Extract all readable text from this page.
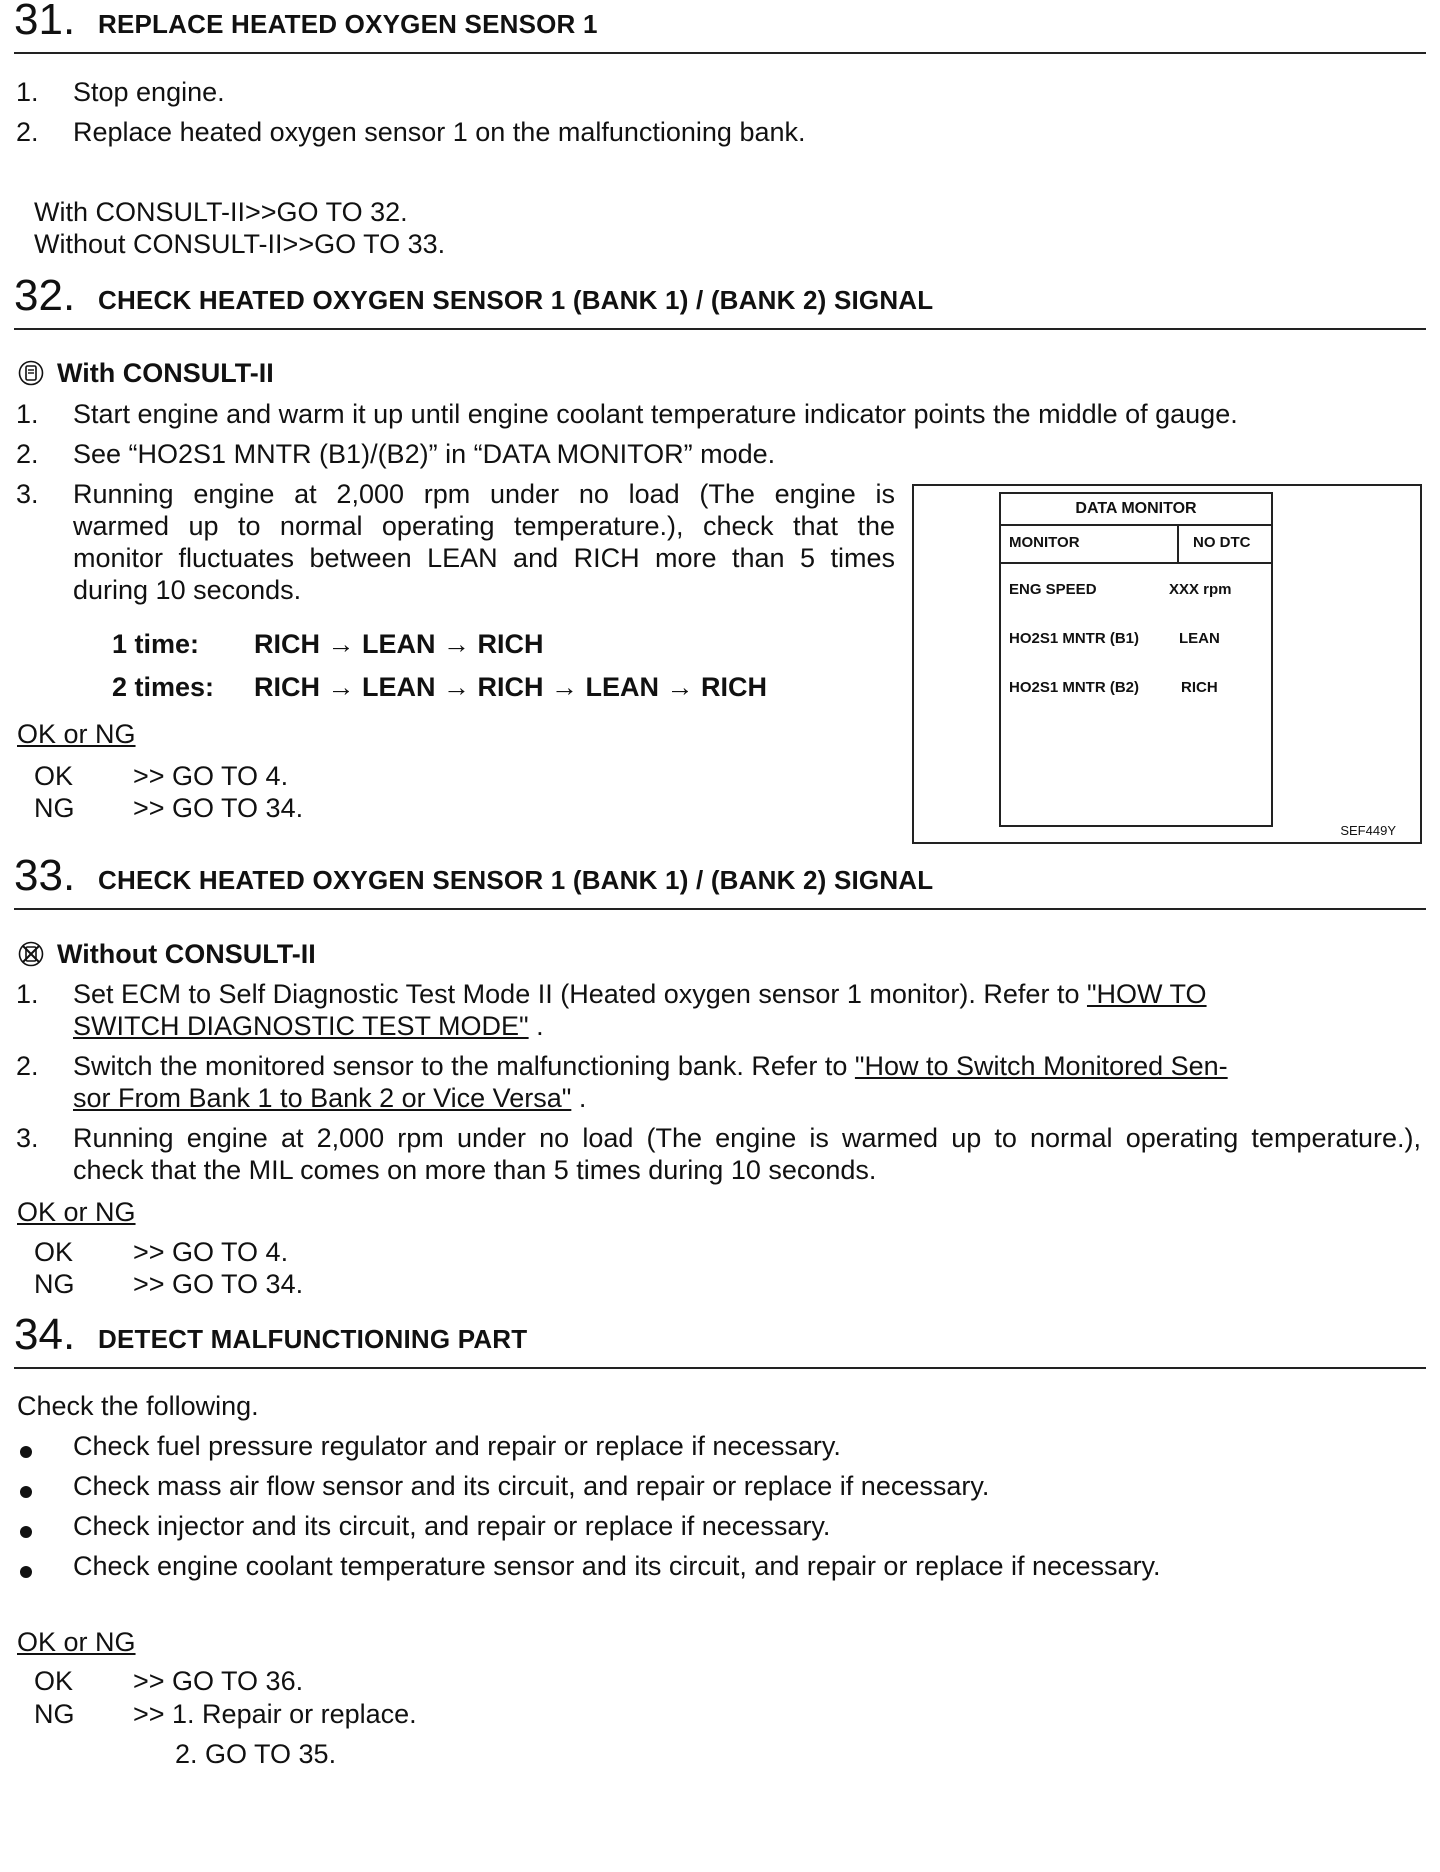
31. REPLACE HEATED OXYGEN SENSOR 1
1. Stop engine.
2. Replace heated oxygen sensor 1 on the malfunctioning bank.
With CONSULT-II>>GO TO 32.
Without CONSULT-II>>GO TO 33.
32. CHECK HEATED OXYGEN SENSOR 1 (BANK 1) / (BANK 2) SIGNAL
With CONSULT-II
1. Start engine and warm it up until engine coolant temperature indicator points the middle of gauge.
2. See “HO2S1 MNTR (B1)/(B2)” in “DATA MONITOR” mode.
3. Running engine at 2,000 rpm under no load (The engine is
warmed up to normal operating temperature.), check that the
monitor fluctuates between LEAN and RICH more than 5 times
during 10 seconds.
1 time: RICH → LEAN → RICH
2 times: RICH → LEAN → RICH → LEAN → RICH
OK or NG
OK >> GO TO 4.
NG >> GO TO 34.
DATA MONITOR
MONITOR	NO DTC
ENG SPEED	XXX rpm
HO2S1 MNTR (B1)	LEAN
HO2S1 MNTR (B2)	RICH
SEF449Y
33. CHECK HEATED OXYGEN SENSOR 1 (BANK 1) / (BANK 2) SIGNAL
Without CONSULT-II
1. Set ECM to Self Diagnostic Test Mode II (Heated oxygen sensor 1 monitor). Refer to "HOW TO
SWITCH DIAGNOSTIC TEST MODE" .
2. Switch the monitored sensor to the malfunctioning bank. Refer to "How to Switch Monitored Sen-
sor From Bank 1 to Bank 2 or Vice Versa" .
3. Running engine at 2,000 rpm under no load (The engine is warmed up to normal operating temperature.),
check that the MIL comes on more than 5 times during 10 seconds.
OK or NG
OK >> GO TO 4.
NG >> GO TO 34.
34. DETECT MALFUNCTIONING PART
Check the following.
Check fuel pressure regulator and repair or replace if necessary.
Check mass air flow sensor and its circuit, and repair or replace if necessary.
Check injector and its circuit, and repair or replace if necessary.
Check engine coolant temperature sensor and its circuit, and repair or replace if necessary.
OK or NG
OK >> GO TO 36.
NG >> 1. Repair or replace.
2. GO TO 35.
